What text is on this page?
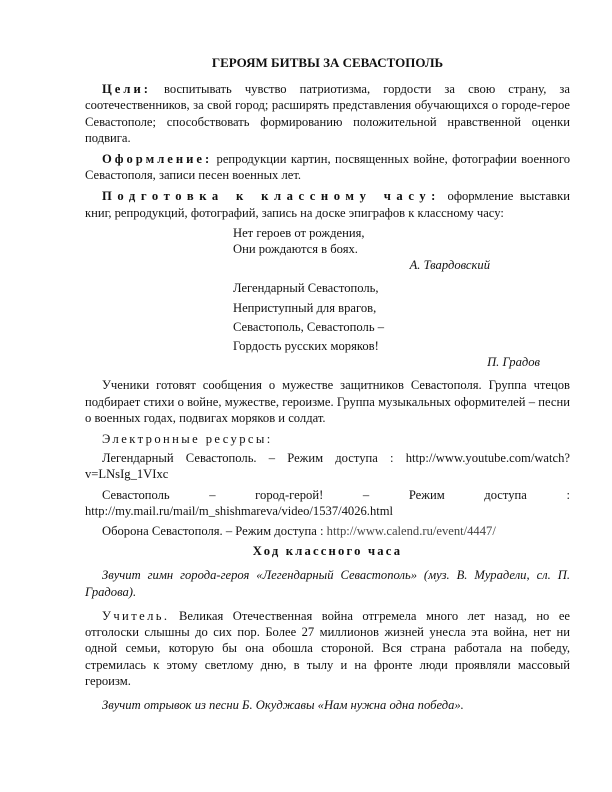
ГЕРОЯМ БИТВЫ ЗА СЕВАСТОПОЛЬ

Цели: воспитывать чувство патриотизма, гордости за свою страну, за соотечественников, за свой город; расширять представления обучающихся о городе-герое Севастополе; способствовать формированию положительной нравственной оценки подвига.

Оформление: репродукции картин, посвященных войне, фотографии военного Севастополя, записи песен военных лет.

Подготовка к классному часу: оформление выставки книг, репродукций, фотографий, запись на доске эпиграфов к классному часу:

Нет героев от рождения,
Они рождаются в боях.
А. Твардовский
Легендарный Севастополь,
Неприступный для врагов,
Севастополь, Севастополь –
Гордость русских моряков!
П. Градов

Ученики готовят сообщения о мужестве защитников Севастополя. Группа чтецов подбирает стихи о войне, мужестве, героизме. Группа музыкальных оформителей – песни о военных годах, подвигах моряков и солдат.

Электронные ресурсы:

Легендарный Севастополь. – Режим доступа : http://www.youtube.com/watch?v=LNsIg_1VIxc

Севастополь – город-герой! – Режим доступа : http://my.mail.ru/mail/m_shishmareva/video/1537/4026.html

Оборона Севастополя. – Режим доступа : http://www.calend.ru/event/4447/

Ход классного часа

Звучит гимн города-героя «Легендарный Севастополь» (муз. В. Мурадели, сл. П. Градова).

Учитель. Великая Отечественная война отгремела много лет назад, но ее отголоски слышны до сих пор. Более 27 миллионов жизней унесла эта война, нет ни одной семьи, которую бы она обошла стороной. Вся страна работала на победу, стремилась к этому светлому дню, в тылу и на фронте люди проявляли массовый героизм.

Звучит отрывок из песни Б. Окуджавы «Нам нужна одна победа».
